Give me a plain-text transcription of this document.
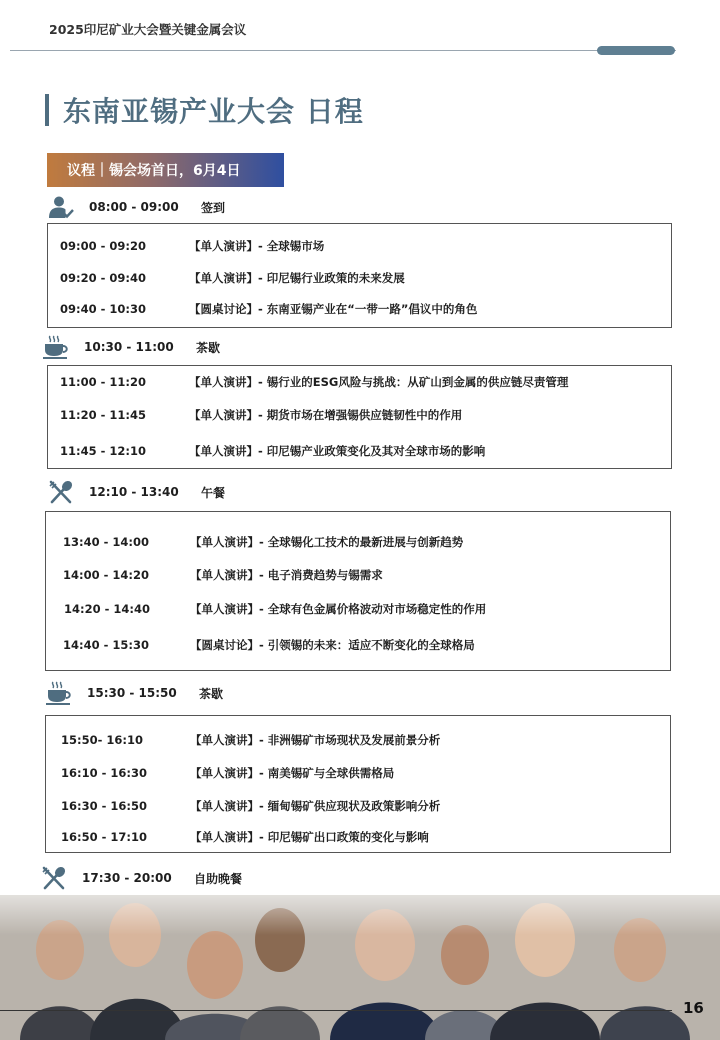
2025印尼矿业大会暨关键金属会议
东南亚锡产业大会 日程
议程｜锡会场首日，6月4日
08:00 - 09:00	签到
09:00 - 09:20	【单人演讲】- 全球锡市场
09:20 - 09:40	【单人演讲】- 印尼锡行业政策的未来发展
09:40 - 10:30	【圆桌讨论】- 东南亚锡产业在“一带一路”倡议中的角色
10:30 - 11:00	茶歇
11:00 - 11:20	【单人演讲】- 锡行业的ESG风险与挑战：从矿山到金属的供应链尽责管理
11:20 - 11:45	【单人演讲】- 期货市场在增强锡供应链韧性中的作用
11:45 - 12:10	【单人演讲】- 印尼锡产业政策变化及其对全球市场的影响
12:10 - 13:40	午餐
13:40 - 14:00	【单人演讲】- 全球锡化工技术的最新进展与创新趋势
14:00 - 14:20	【单人演讲】- 电子消费趋势与锡需求
14:20 - 14:40	【单人演讲】- 全球有色金属价格波动对市场稳定性的作用
14:40 - 15:30	【圆桌讨论】- 引领锡的未来：适应不断变化的全球格局
15:30 - 15:50	茶歇
15:50- 16:10	【单人演讲】- 非洲锡矿市场现状及发展前景分析
16:10 - 16:30	【单人演讲】- 南美锡矿与全球供需格局
16:30 - 16:50	【单人演讲】- 缅甸锡矿供应现状及政策影响分析
16:50 - 17:10	【单人演讲】- 印尼锡矿出口政策的变化与影响
17:30 - 20:00	自助晚餐
16
